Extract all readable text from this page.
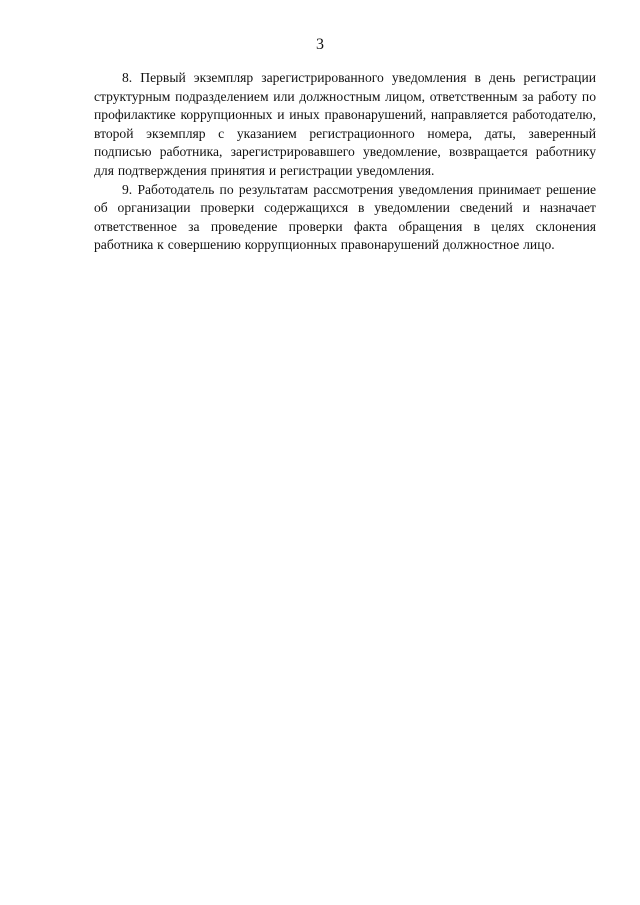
3

8. Первый экземпляр зарегистрированного уведомления в день регистрации структурным подразделением или должностным лицом, ответственным за работу по профилактике коррупционных и иных правонарушений, направляется работодателю, второй экземпляр с указанием регистрационного номера, даты, заверенный подписью работника, зарегистрировавшего уведомление, возвращается работнику для подтверждения принятия и регистрации уведомления.

9. Работодатель по результатам рассмотрения уведомления принимает решение об организации проверки содержащихся в уведомлении сведений и назначает ответственное за проведение проверки факта обращения в целях склонения работника к совершению коррупционных правонарушений должностное лицо.
